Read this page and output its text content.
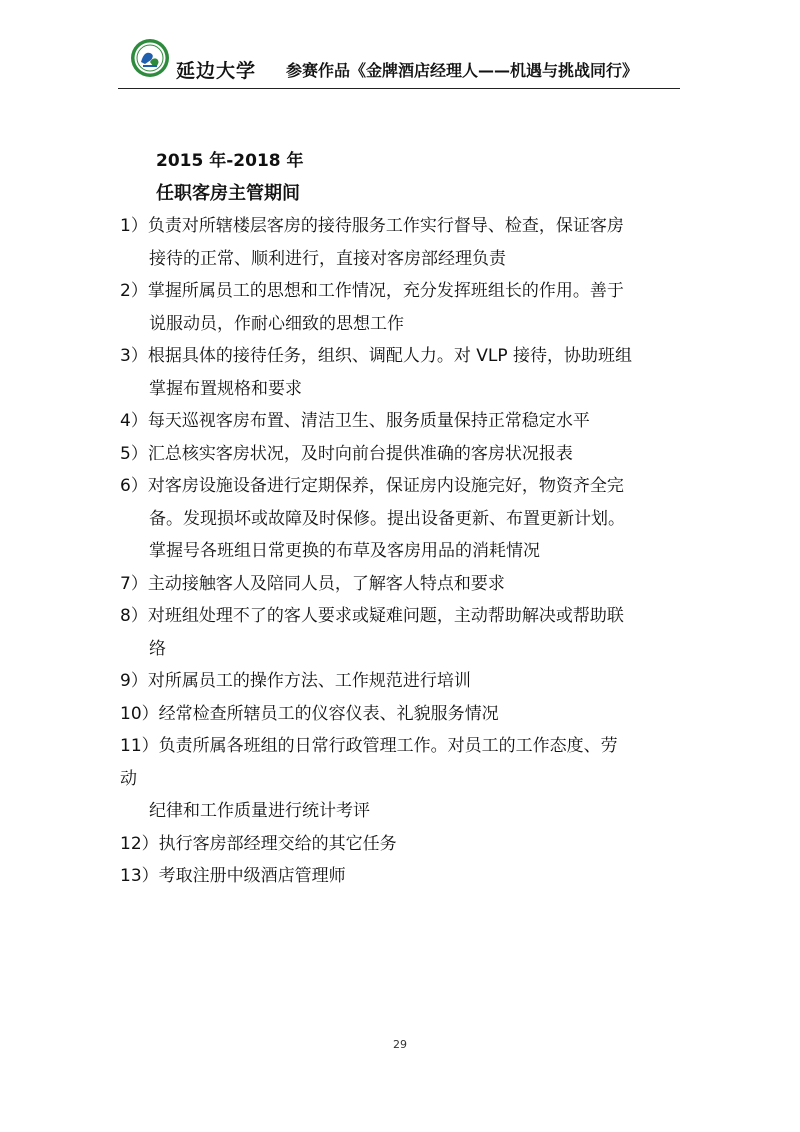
延边大学 参赛作品《金牌酒店经理人——机遇与挑战同行》
2015 年-2018 年
任职客房主管期间
1）负责对所辖楼层客房的接待服务工作实行督导、检查，保证客房
接待的正常、顺利进行，直接对客房部经理负责
2）掌握所属员工的思想和工作情况，充分发挥班组长的作用。善于
说服动员，作耐心细致的思想工作
3）根据具体的接待任务，组织、调配人力。对 VLP 接待，协助班组
掌握布置规格和要求
4）每天巡视客房布置、清洁卫生、服务质量保持正常稳定水平
5）汇总核实客房状况，及时向前台提供准确的客房状况报表
6）对客房设施设备进行定期保养，保证房内设施完好，物资齐全完
备。发现损坏或故障及时保修。提出设备更新、布置更新计划。
掌握号各班组日常更换的布草及客房用品的消耗情况
7）主动接触客人及陪同人员，了解客人特点和要求
8）对班组处理不了的客人要求或疑难问题，主动帮助解决或帮助联
络
9）对所属员工的操作方法、工作规范进行培训
10）经常检查所辖员工的仪容仪表、礼貌服务情况
11）负责所属各班组的日常行政管理工作。对员工的工作态度、劳
动
纪律和工作质量进行统计考评
12）执行客房部经理交给的其它任务
13）考取注册中级酒店管理师
29
